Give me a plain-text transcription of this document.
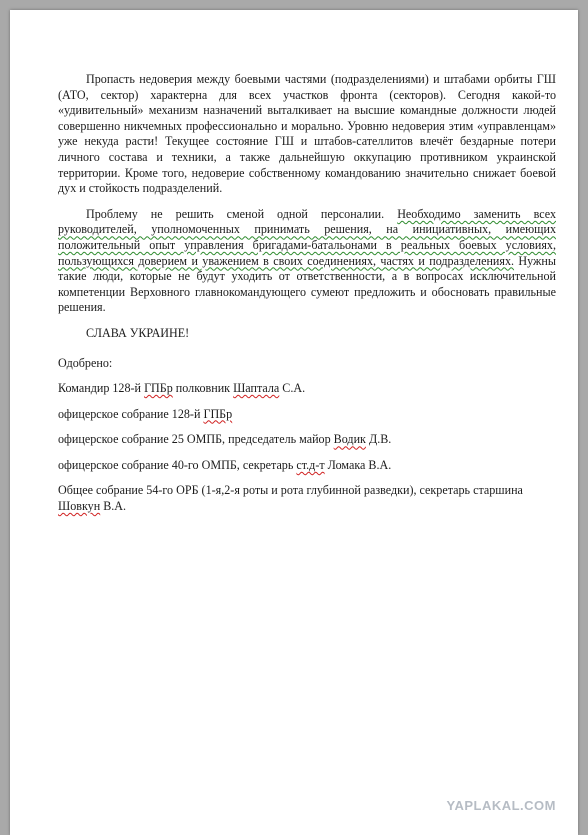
Пропасть недоверия между боевыми частями (подразделениями) и штабами орбиты ГШ (АТО, сектор) характерна для всех участков фронта (секторов). Сегодня какой-то «удивительный» механизм назначений выталкивает на высшие командные должности людей совершенно никчемных профессионально и морально. Уровню недоверия этим «управленцам» уже некуда расти! Текущее состояние ГШ и штабов-сателлитов влечёт бездарные потери личного состава и техники, а также дальнейшую оккупацию противником украинской территории. Кроме того, недоверие собственному командованию значительно снижает боевой дух и стойкость подразделений.

Проблему не решить сменой одной персоналии. Необходимо заменить всех руководителей, уполномоченных принимать решения, на инициативных, имеющих положительный опыт управления бригадами-батальонами в реальных боевых условиях, пользующихся доверием и уважением в своих соединениях, частях и подразделениях. Нужны такие люди, которые не будут уходить от ответственности, а в вопросах исключительной компетенции Верховного главнокомандующего сумеют предложить и обосновать правильные решения.

СЛАВА УКРАИНЕ!

Одобрено:

Командир 128-й ГПБр полковник Шаптала С.А.

офицерское собрание 128-й ГПБр

офицерское собрание 25 ОМПБ, председатель майор Водик Д.В.

офицерское собрание 40-го ОМПБ, секретарь ст.д-т Ломака В.А.

Общее собрание 54-го ОРБ (1-я,2-я роты и рота глубинной разведки), секретарь старшина Шовкун В.А.

YAPLAKAL.COM
